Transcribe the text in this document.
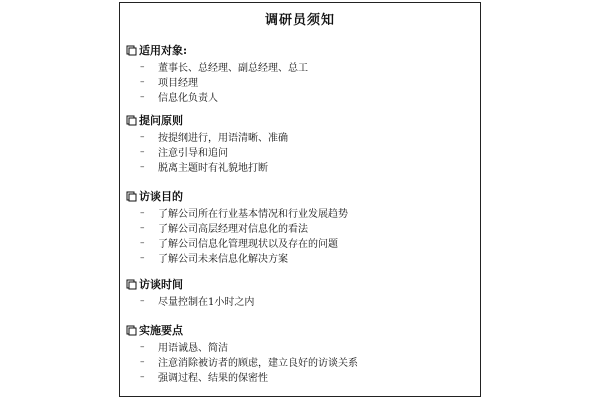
调研员须知
适用对象:
–	董事长、总经理、副总经理、总工
–	项目经理
–	信息化负责人
提问原则
–	按提纲进行，用语清晰、准确
–	注意引导和追问
–	脱离主题时有礼貌地打断
访谈目的
–	了解公司所在行业基本情况和行业发展趋势
–	了解公司高层经理对信息化的看法
–	了解公司信息化管理现状以及存在的问题
–	了解公司未来信息化解决方案
访谈时间
–	尽量控制在1小时之内
实施要点
–	用语诚恳、简洁
–	注意消除被访者的顾虑，建立良好的访谈关系
–	强调过程、结果的保密性
